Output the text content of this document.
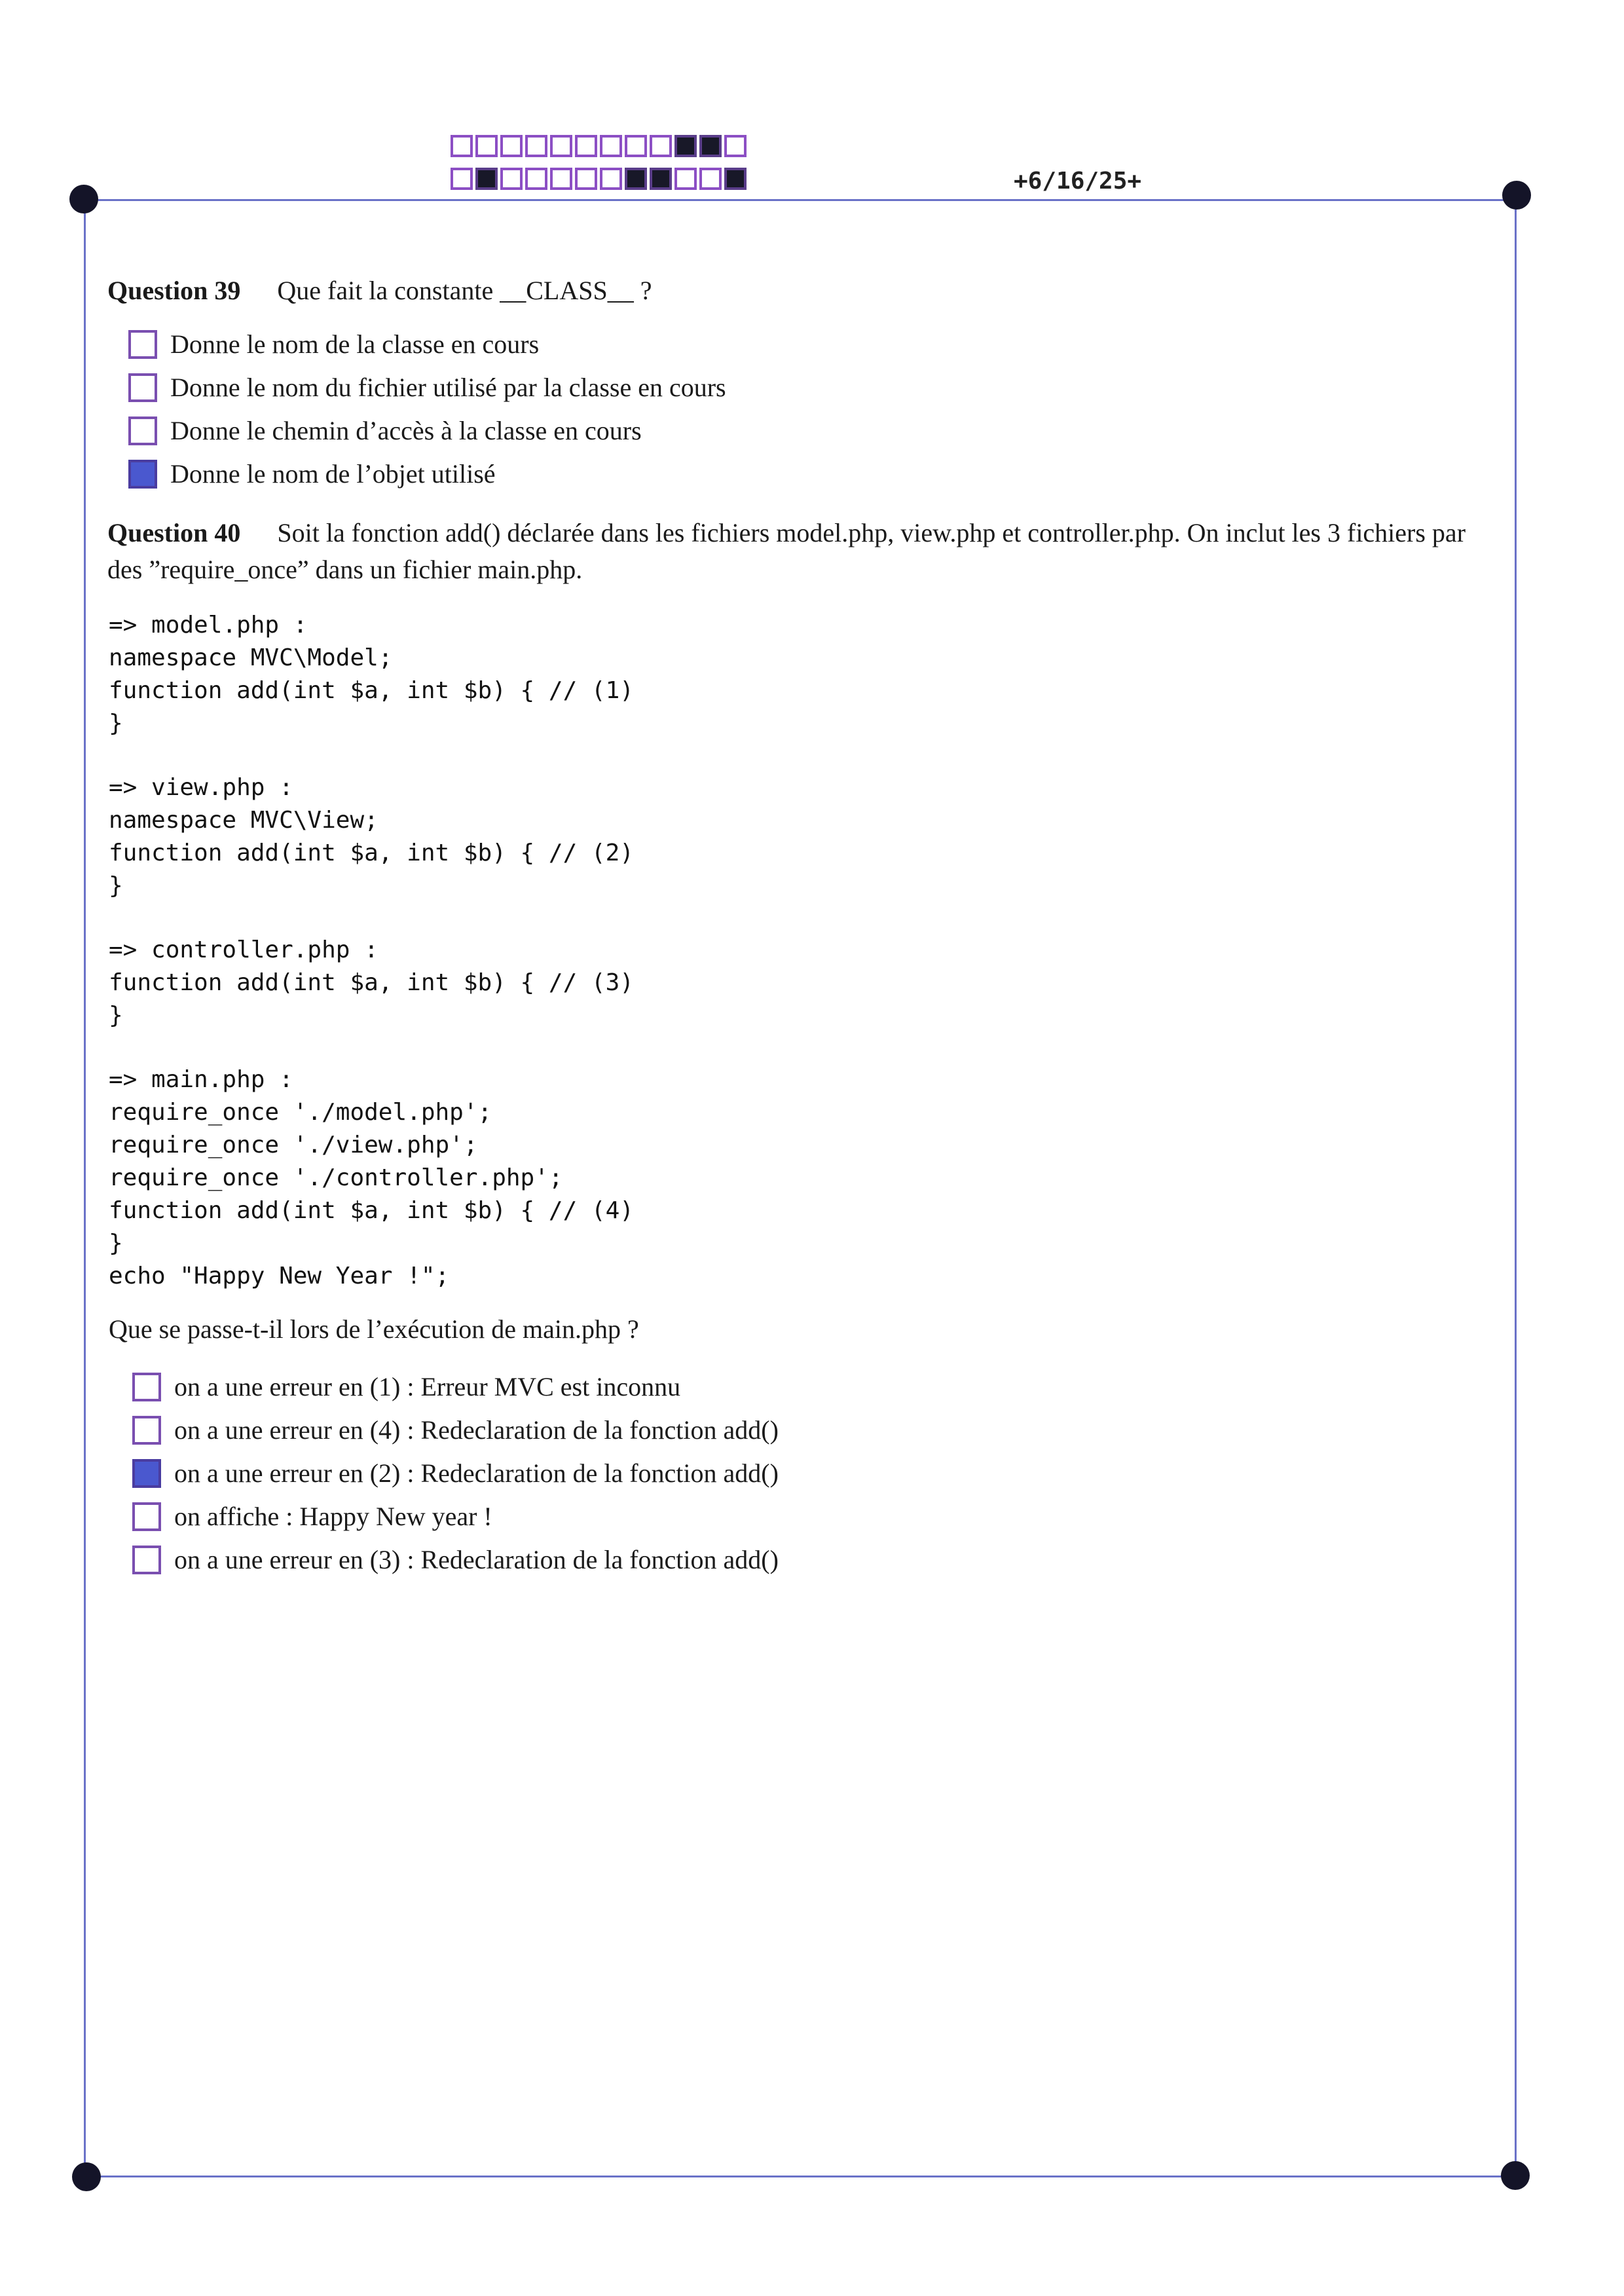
+6/16/25+
Question 39 Que fait la constante __CLASS__ ?
Donne le nom de la classe en cours
Donne le nom du fichier utilisé par la classe en cours
Donne le chemin d’accès à la classe en cours
Donne le nom de l’objet utilisé
Question 40 Soit la fonction add() déclarée dans les fichiers model.php, view.php et controller.php. On inclut les 3 fichiers par des ”require_once” dans un fichier main.php.
=> model.php :
namespace MVC\Model;
function add(int $a, int $b) { // (1)
}
=> view.php :
namespace MVC\View;
function add(int $a, int $b) { // (2)
}
=> controller.php :
function add(int $a, int $b) { // (3)
}
=> main.php :
require_once './model.php';
require_once './view.php';
require_once './controller.php';
function add(int $a, int $b) { // (4)
}
echo "Happy New Year !";
Que se passe-t-il lors de l’exécution de main.php ?
on a une erreur en (1) : Erreur MVC est inconnu
on a une erreur en (4) : Redeclaration de la fonction add()
on a une erreur en (2) : Redeclaration de la fonction add()
on affiche : Happy New year !
on a une erreur en (3) : Redeclaration de la fonction add()
